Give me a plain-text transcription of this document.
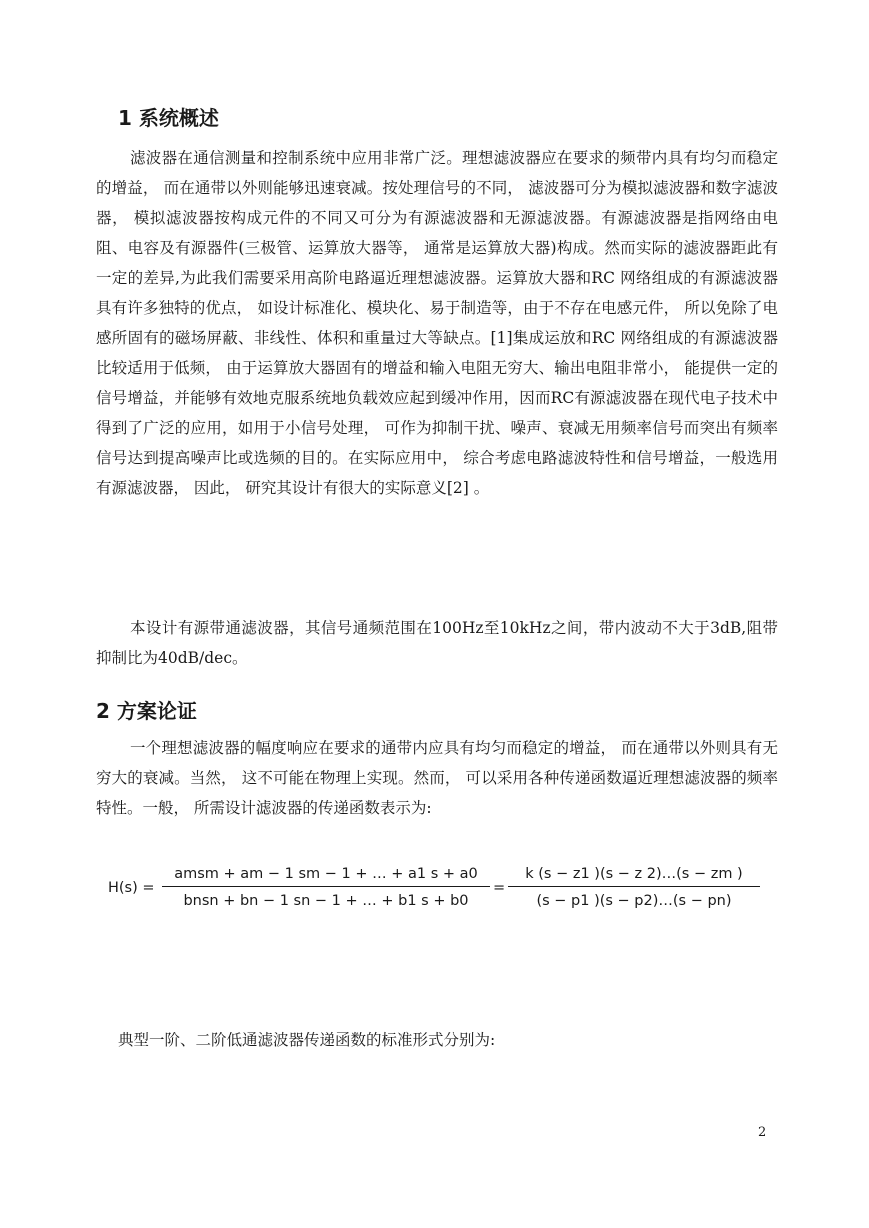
1 系统概述

滤波器在通信测量和控制系统中应用非常广泛。理想滤波器应在要求的频带内具有均匀而稳定的增益， 而在通带以外则能够迅速衰减。按处理信号的不同， 滤波器可分为模拟滤波器和数字滤波器， 模拟滤波器按构成元件的不同又可分为有源滤波器和无源滤波器。有源滤波器是指网络由电阻、电容及有源器件(三极管、运算放大器等， 通常是运算放大器)构成。然而实际的滤波器距此有一定的差异,为此我们需要采用高阶电路逼近理想滤波器。运算放大器和RC 网络组成的有源滤波器具有许多独特的优点， 如设计标准化、模块化、易于制造等，由于不存在电感元件， 所以免除了电感所固有的磁场屏蔽、非线性、体积和重量过大等缺点。[1]集成运放和RC 网络组成的有源滤波器比较适用于低频， 由于运算放大器固有的增益和输入电阻无穷大、输出电阻非常小， 能提供一定的信号增益，并能够有效地克服系统地负载效应起到缓冲作用，因而RC有源滤波器在现代电子技术中得到了广泛的应用，如用于小信号处理， 可作为抑制干扰、噪声、衰减无用频率信号而突出有频率信号达到提高噪声比或选频的目的。在实际应用中， 综合考虑电路滤波特性和信号增益，一般选用有源滤波器， 因此， 研究其设计有很大的实际意义[2] 。

本设计有源带通滤波器，其信号通频范围在100Hz至10kHz之间，带内波动不大于3dB,阻带抑制比为40dB/dec。

2 方案论证

一个理想滤波器的幅度响应在要求的通带内应具有均匀而稳定的增益， 而在通带以外则具有无穷大的衰减。当然， 这不可能在物理上实现。然而， 可以采用各种传递函数逼近理想滤波器的频率特性。一般， 所需设计滤波器的传递函数表示为:

H(s) =
amsm + am − 1 sm − 1 + … + a1 s + a0
bnsn + bn − 1 sn − 1 + … + b1 s + b0
=
k (s − z1 )(s − z 2)…(s − zm )
(s − p1 )(s − p2)…(s − pn)

典型一阶、二阶低通滤波器传递函数的标准形式分别为:

2
